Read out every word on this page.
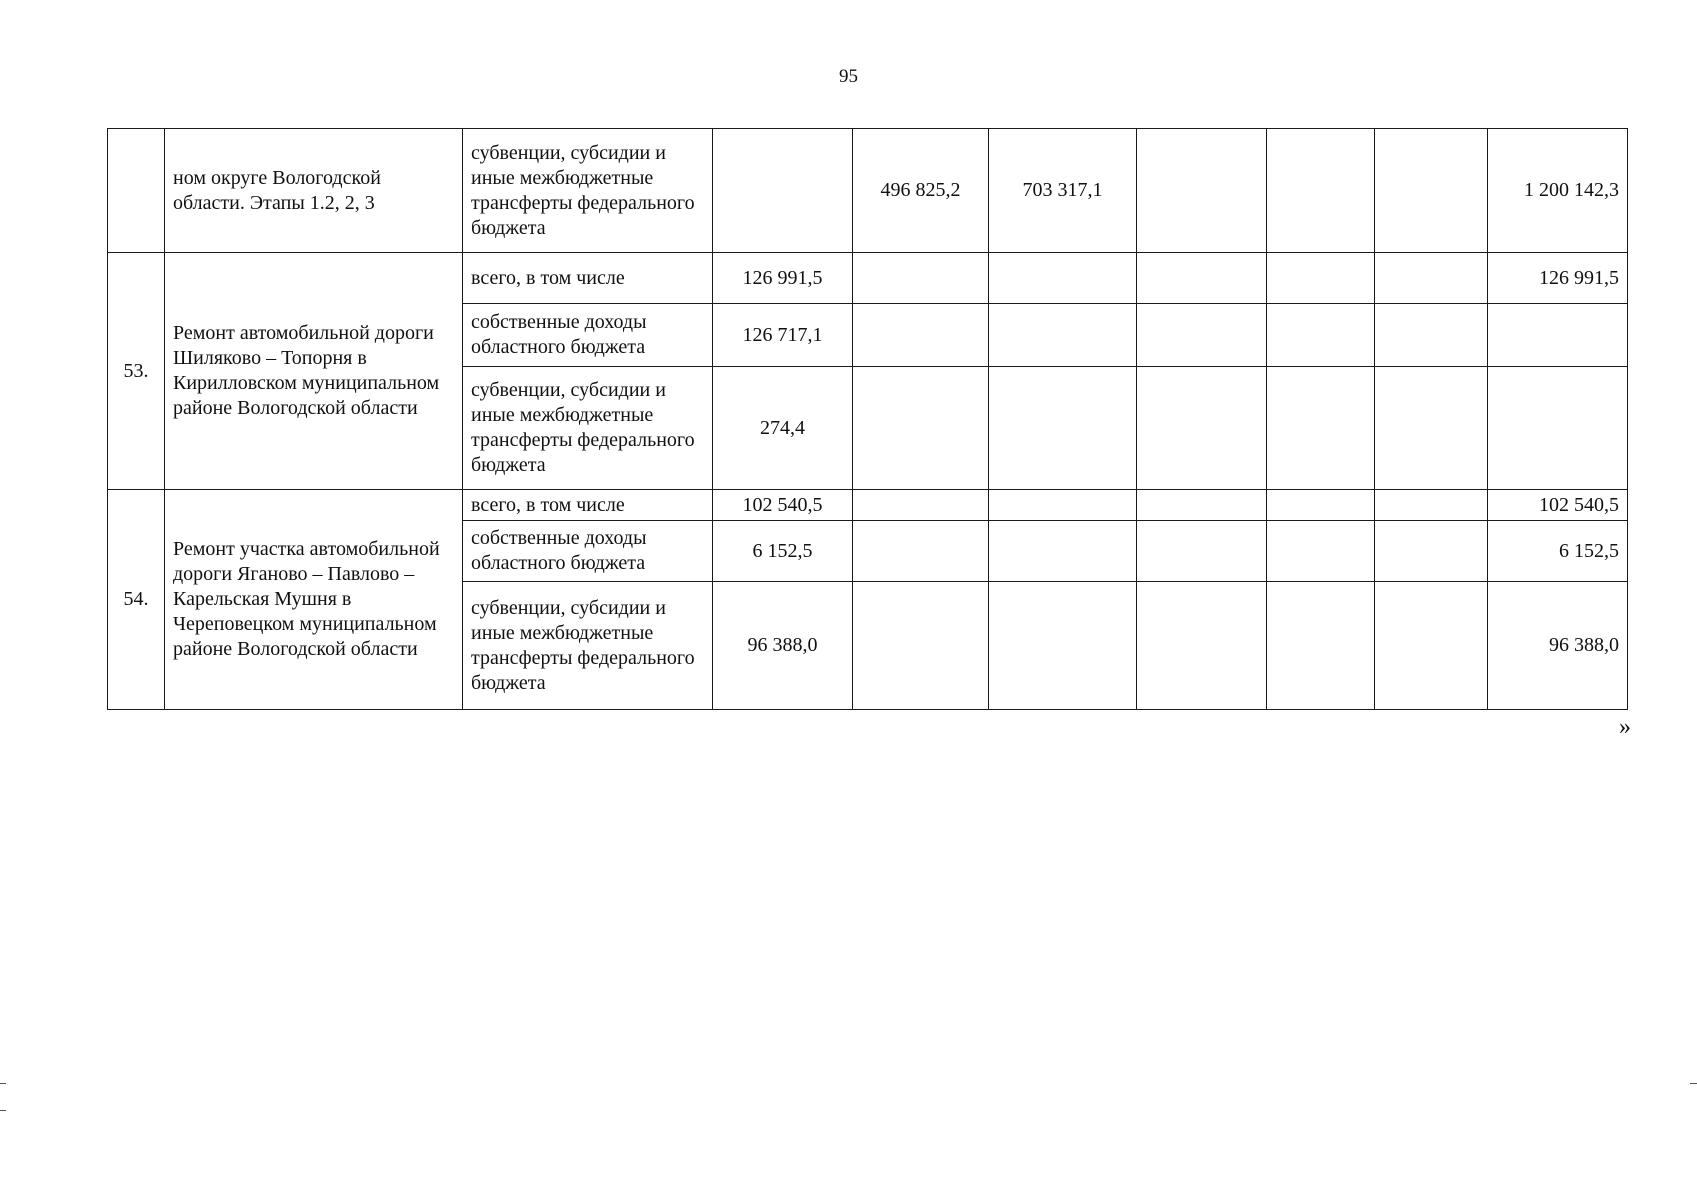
95
	ном округе Вологодской области. Этапы 1.2, 2, 3	субвенции, субсидии и иные межбюджетные трансферты федерального бюджета		496 825,2	703 317,1				1 200 142,3
53.	Ремонт автомобильной дороги Шиляково – Топорня в Кирилловском муниципальном районе Вологодской области	всего, в том числе	126 991,5						126 991,5
		собственные доходы областного бюджета	126 717,1						
		субвенции, субсидии и иные межбюджетные трансферты федерального бюджета	274,4						
54.	Ремонт участка автомобильной дороги Яганово – Павлово – Карельская Мушня в Череповецком муниципальном районе Вологодской области	всего, в том числе	102 540,5						102 540,5
		собственные доходы областного бюджета	6 152,5						6 152,5
		субвенции, субсидии и иные межбюджетные трансферты федерального бюджета	96 388,0						96 388,0
»
